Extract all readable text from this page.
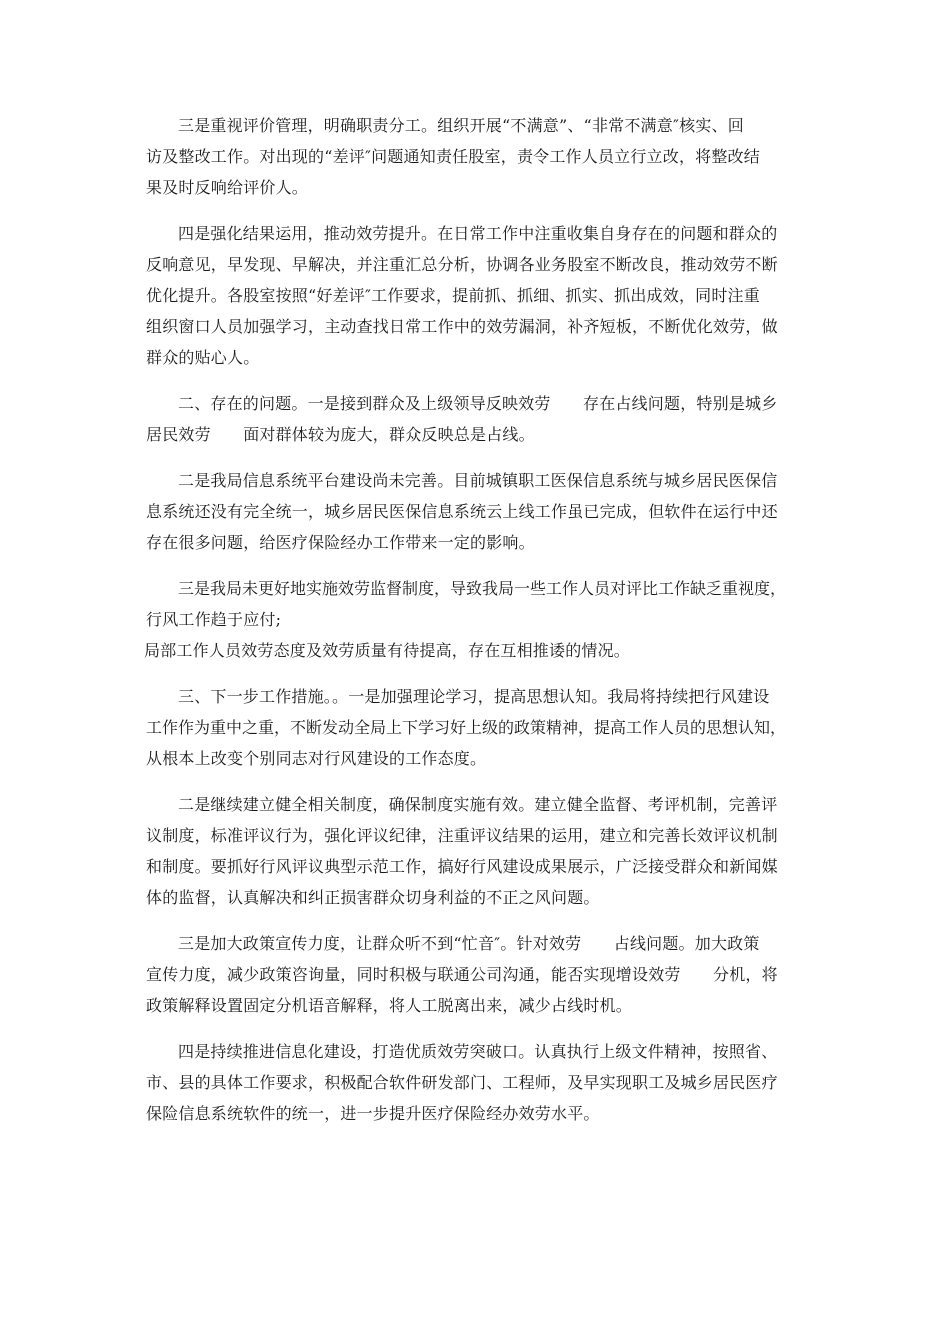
三是重视评价管理，明确职责分工。组织开展“不满意”、“非常不满意″核实、回
访及整改工作。对出现的“差评″问题通知责任股室，责令工作人员立行立改，将整改结
果及时反响给评价人。
四是强化结果运用，推动效劳提升。在日常工作中注重收集自身存在的问题和群众的
反响意见，早发现、早解决，并注重汇总分析，协调各业务股室不断改良，推动效劳不断
优化提升。各股室按照“好差评″工作要求，提前抓、抓细、抓实、抓出成效，同时注重
组织窗口人员加强学习，主动查找日常工作中的效劳漏洞，补齐短板，不断优化效劳，做
群众的贴心人。
二、存在的问题。一是接到群众及上级领导反映效劳　　存在占线问题，特别是城乡
居民效劳　　面对群体较为庞大，群众反映总是占线。
二是我局信息系统平台建设尚未完善。目前城镇职工医保信息系统与城乡居民医保信
息系统还没有完全统一，城乡居民医保信息系统云上线工作虽已完成，但软件在运行中还
存在很多问题，给医疗保险经办工作带来一定的影响。
三是我局未更好地实施效劳监督制度，导致我局一些工作人员对评比工作缺乏重视度，
行风工作趋于应付;
局部工作人员效劳态度及效劳质量有待提高，存在互相推诿的情况。
三、下一步工作措施。。一是加强理论学习，提高思想认知。我局将持续把行风建设
工作作为重中之重，不断发动全局上下学习好上级的政策精神，提高工作人员的思想认知，
从根本上改变个别同志对行风建设的工作态度。
二是继续建立健全相关制度，确保制度实施有效。建立健全监督、考评机制，完善评
议制度，标准评议行为，强化评议纪律，注重评议结果的运用，建立和完善长效评议机制
和制度。要抓好行风评议典型示范工作，搞好行风建设成果展示，广泛接受群众和新闻媒
体的监督，认真解决和纠正损害群众切身利益的不正之风问题。
三是加大政策宣传力度，让群众听不到“忙音″。针对效劳　　占线问题。加大政策
宣传力度，减少政策咨询量，同时积极与联通公司沟通，能否实现增设效劳　　分机，将
政策解释设置固定分机语音解释，将人工脱离出来，减少占线时机。
四是持续推进信息化建设，打造优质效劳突破口。认真执行上级文件精神，按照省、
市、县的具体工作要求，积极配合软件研发部门、工程师，及早实现职工及城乡居民医疗
保险信息系统软件的统一，进一步提升医疗保险经办效劳水平。
